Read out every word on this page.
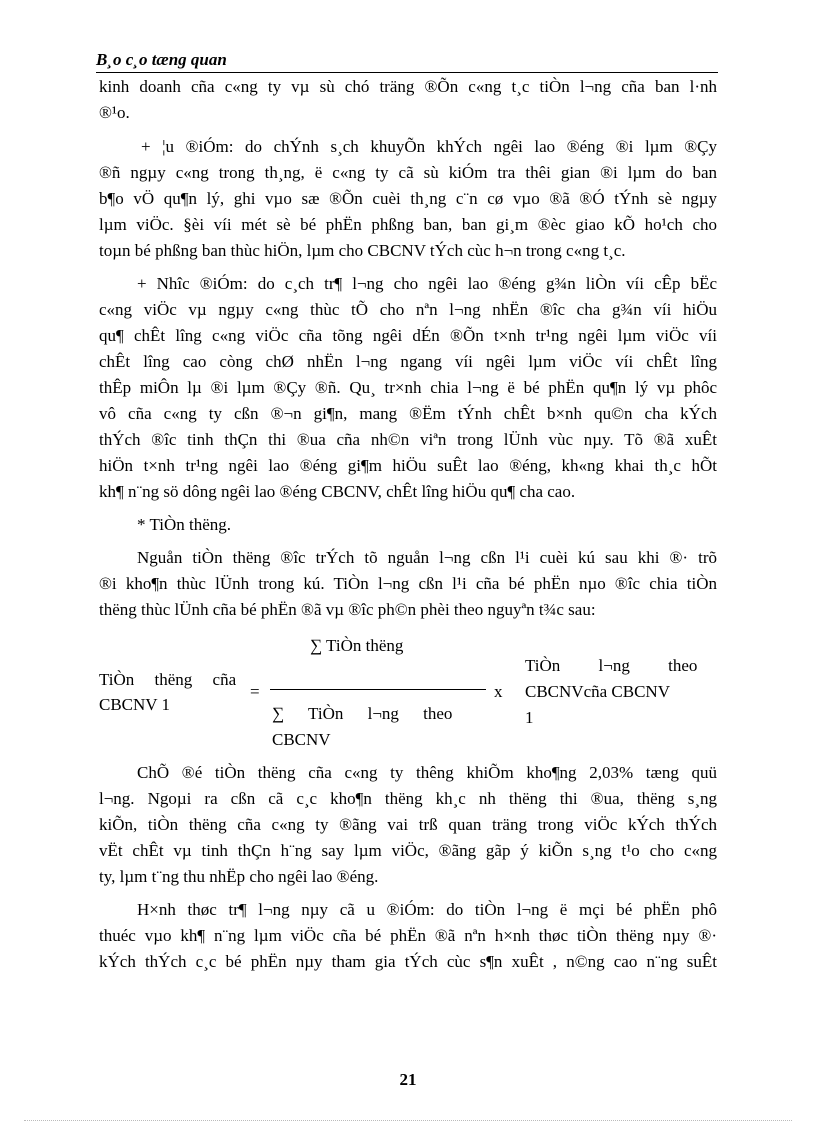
B¸o c¸o tæng quan
kinh doanh cña c«ng ty vµ sù chó träng ®Õn c«ng t¸c tiÒn l¬ng cña ban l·nh
®¹o.
+ ¦u ®iÓm: do chÝnh s¸ch khuyÕn khÝch ngêi lao ®éng ®i lµm ®Çy
®ñ ngµy c«ng trong th¸ng, ë c«ng ty cã sù kiÓm tra thêi gian ®i lµm do ban
b¶o vÖ qu¶n lý, ghi vµo sæ ®Õn cuèi th¸ng c¨n cø vµo ®ã ®Ó tÝnh sè ngµy
lµm viÖc. §èi víi mét sè bé phËn phßng ban, ban gi¸m ®èc giao kÕ ho¹ch cho
toµn bé phßng ban thùc hiÖn, lµm cho CBCNV tÝch cùc h¬n trong c«ng t¸c.
+ Nhîc ®iÓm: do c¸ch tr¶ l¬ng cho ngêi lao ®éng g¾n liÒn víi cÊp bËc
c«ng viÖc vµ ngµy c«ng thùc tÕ cho nªn l¬ng nhËn ®îc cha g¾n víi hiÖu
qu¶ chÊt lîng c«ng viÖc cña tõng ngêi dÉn ®Õn t×nh tr¹ng ngêi lµm viÖc víi
chÊt lîng cao còng chØ nhËn l¬ng ngang víi ngêi lµm viÖc víi chÊt lîng
thÊp miÔn lµ ®i lµm ®Çy ®ñ. Qu¸ tr×nh chia l¬ng ë bé phËn qu¶n lý vµ phôc
vô cña c«ng ty cßn ®¬n gi¶n, mang ®Ëm tÝnh chÊt b×nh qu©n cha kÝch
thÝch ®îc tinh thÇn thi ®ua cña nh©n viªn trong lÜnh vùc nµy. Tõ ®ã xuÊt
hiÖn t×nh tr¹ng ngêi lao ®éng gi¶m hiÖu suÊt lao ®éng, kh«ng khai th¸c hÕt
kh¶ n¨ng sö dông ngêi lao ®éng CBCNV, chÊt lîng hiÖu qu¶ cha cao.
* TiÒn thëng.
Nguån tiÒn thëng ®îc trÝch tõ nguån l¬ng cßn l¹i cuèi kú sau khi ®· trõ
®i kho¶n thùc lÜnh trong kú. TiÒn l¬ng cßn l¹i cña bé phËn nµo ®îc chia tiÒn
thëng thùc lÜnh cña bé phËn ®ã vµ ®îc ph©n phèi theo nguyªn t¾c sau:
∑ TiÒn thëng
TiÒn thëng cña
CBCNV 1
=	x
∑ TiÒn l¬ng theo
CBCNV
TiÒn l¬ng theo
CBCNVcña CBCNV
1
ChÕ ®é tiÒn thëng cña c«ng ty thêng khiÕm kho¶ng 2,03% tæng quü
l¬ng. Ngoµi ra cßn cã c¸c kho¶n thëng kh¸c nh thëng thi ®ua, thëng s¸ng
kiÕn, tiÒn thëng cña c«ng ty ®ãng vai trß quan träng trong viÖc kÝch thÝch
vËt chÊt vµ tinh thÇn h¨ng say lµm viÖc, ®ãng gãp ý kiÕn s¸ng t¹o cho c«ng
ty, lµm t¨ng thu nhËp cho ngêi lao ®éng.
H×nh thøc tr¶ l¬ng nµy cã u ®iÓm: do tiÒn l¬ng ë mçi bé phËn phô
thuéc vµo kh¶ n¨ng lµm viÖc cña bé phËn ®ã nªn h×nh thøc tiÒn thëng nµy ®·
kÝch thÝch c¸c bé phËn nµy tham gia tÝch cùc s¶n xuÊt , n©ng cao n¨ng suÊt
21
